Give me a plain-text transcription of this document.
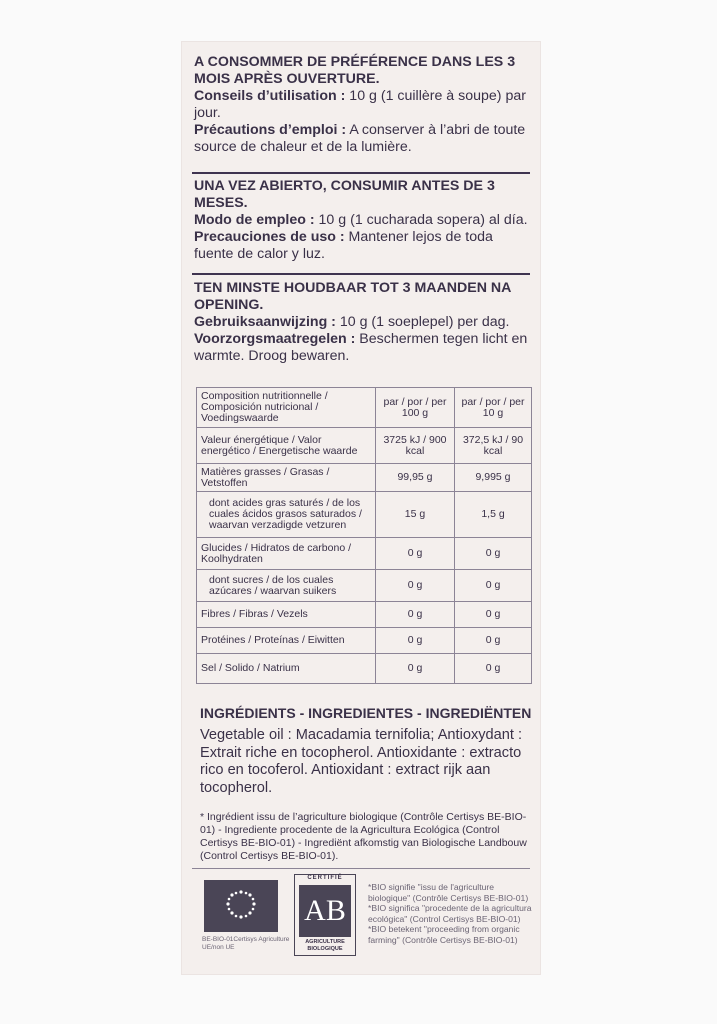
A CONSOMMER DE PRÉFÉRENCE DANS LES 3 MOIS APRÈS OUVERTURE.
Conseils d’utilisation : 10 g (1 cuillère à soupe) par jour.
Précautions d’emploi : A conserver à l’abri de toute source de chaleur et de la lumière.
UNA VEZ ABIERTO, CONSUMIR ANTES DE 3 MESES.
Modo de empleo : 10 g (1 cucharada sopera) al día.
Precauciones de uso : Mantener lejos de toda fuente de calor y luz.
TEN MINSTE HOUDBAAR TOT 3 MAANDEN NA OPENING.
Gebruiksaanwijzing : 10 g (1 soeplepel) per dag.
Voorzorgsmaatregelen : Beschermen tegen licht en warmte. Droog bewaren.
Composition nutritionnelle / Composición nutricional / Voedingswaarde	par / por / per 100 g	par / por / per 10 g
Valeur énergétique / Valor energético / Energetische waarde	3725 kJ / 900 kcal	372,5 kJ / 90 kcal
Matières grasses / Grasas / Vetstoffen	99,95 g	9,995 g
dont acides gras saturés / de los cuales ácidos grasos saturados / waarvan verzadigde vetzuren	15 g	1,5 g
Glucides / Hidratos de carbono / Koolhydraten	0 g	0 g
dont sucres / de los cuales azúcares / waarvan suikers	0 g	0 g
Fibres / Fibras / Vezels	0 g	0 g
Protéines / Proteínas / Eiwitten	0 g	0 g
Sel / Solido / Natrium	0 g	0 g
INGRÉDIENTS - INGREDIENTES - INGREDIËNTEN
Vegetable oil : Macadamia ternifolia; Antioxydant : Extrait riche en tocopherol. Antioxidante : extracto rico en tocoferol. Antioxidant : extract rijk aan tocopherol.
* Ingrédient issu de l’agriculture biologique (Contrôle Certisys BE-BIO-01) - Ingrediente procedente de la Agricultura Ecológica (Control Certisys BE-BIO-01) - Ingrediënt afkomstig van Biologische Landbouw (Control Certisys BE-BIO-01).
BE-BIO-01Certisys Agriculture UE/non UE
CERTIFIÉ
AB
AGRICULTURE BIOLOGIQUE
*BIO signifie "issu de l'agriculture biologique" (Contrôle Certisys BE-BIO-01)
*BIO significa "procedente de la agricultura ecológica" (Control Certisys BE-BIO-01)
*BIO betekent "proceeding from organic farming" (Contrôle Certisys BE-BIO-01)
